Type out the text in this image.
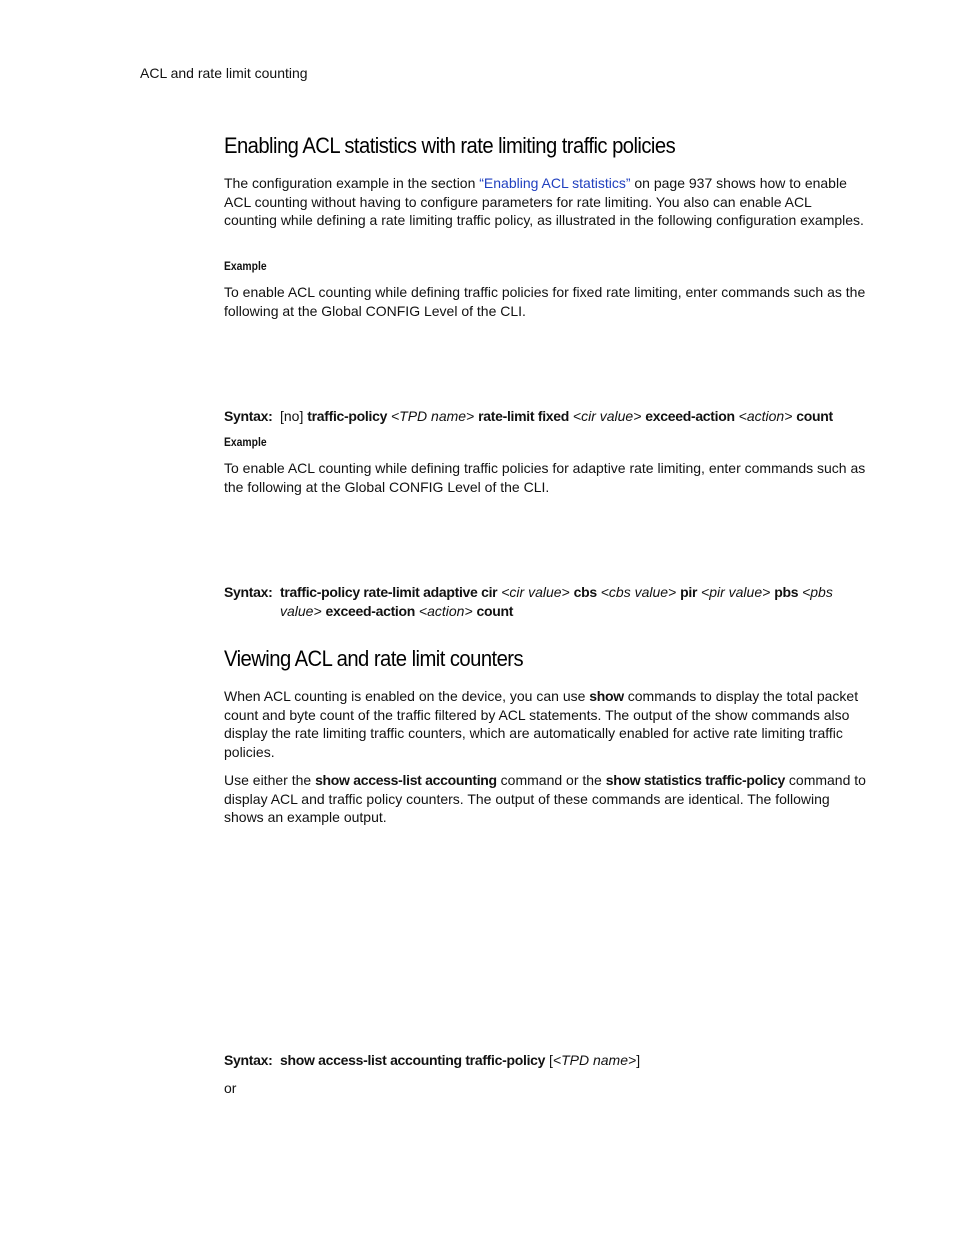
ACL and rate limit counting
Enabling ACL statistics with rate limiting traffic policies

The configuration example in the section “Enabling ACL statistics” on page 937 shows how to enable ACL counting without having to configure parameters for rate limiting. You also can enable ACL counting while defining a rate limiting traffic policy, as illustrated in the following configuration examples.

Example

To enable ACL counting while defining traffic policies for fixed rate limiting, enter commands such as the following at the Global CONFIG Level of the CLI.

Syntax: [no] traffic-policy <TPD name> rate-limit fixed <cir value> exceed-action <action> count
Example

To enable ACL counting while defining traffic policies for adaptive rate limiting, enter commands such as the following at the Global CONFIG Level of the CLI.

Syntax: traffic-policy rate-limit adaptive cir <cir value> cbs <cbs value> pir <pir value> pbs <pbs value> exceed-action <action> count
Viewing ACL and rate limit counters

When ACL counting is enabled on the device, you can use show commands to display the total packet count and byte count of the traffic filtered by ACL statements. The output of the show commands also display the rate limiting traffic counters, which are automatically enabled for active rate limiting traffic policies.

Use either the show access-list accounting command or the show statistics traffic-policy command to display ACL and traffic policy counters. The output of these commands are identical. The following shows an example output.

Syntax: show access-list accounting traffic-policy [<TPD name>]

or
